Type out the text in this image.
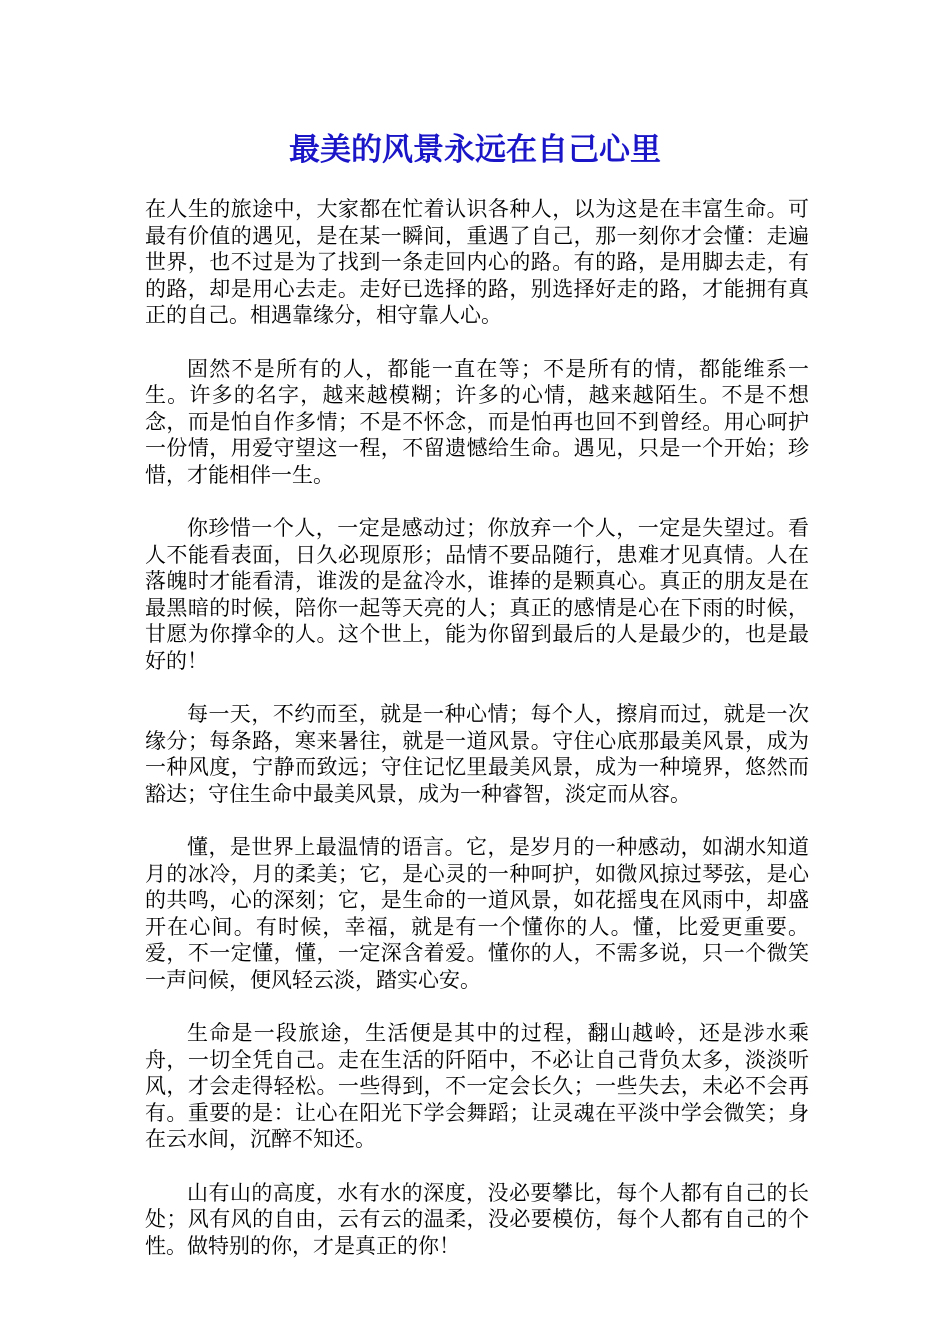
最美的风景永远在自己心里

在人生的旅途中，大家都在忙着认识各种人，以为这是在丰富生命。可最有价值的遇见，是在某一瞬间，重遇了自己，那一刻你才会懂：走遍世界，也不过是为了找到一条走回内心的路。有的路，是用脚去走，有的路，却是用心去走。走好已选择的路，别选择好走的路，才能拥有真正的自己。相遇靠缘分，相守靠人心。

固然不是所有的人，都能一直在等；不是所有的情，都能维系一生。许多的名字，越来越模糊；许多的心情，越来越陌生。不是不想念，而是怕自作多情；不是不怀念，而是怕再也回不到曾经。用心呵护一份情，用爱守望这一程，不留遗憾给生命。遇见，只是一个开始；珍惜，才能相伴一生。

你珍惜一个人，一定是感动过；你放弃一个人，一定是失望过。看人不能看表面，日久必现原形；品情不要品随行，患难才见真情。人在落魄时才能看清，谁泼的是盆冷水，谁捧的是颗真心。真正的朋友是在最黑暗的时候，陪你一起等天亮的人；真正的感情是心在下雨的时候，甘愿为你撑伞的人。这个世上，能为你留到最后的人是最少的，也是最好的！

每一天，不约而至，就是一种心情；每个人，擦肩而过，就是一次缘分；每条路，寒来暑往，就是一道风景。守住心底那最美风景，成为一种风度，宁静而致远；守住记忆里最美风景，成为一种境界，悠然而豁达；守住生命中最美风景，成为一种睿智，淡定而从容。

懂，是世界上最温情的语言。它，是岁月的一种感动，如湖水知道月的冰冷，月的柔美；它，是心灵的一种呵护，如微风掠过琴弦，是心的共鸣，心的深刻；它，是生命的一道风景，如花摇曳在风雨中，却盛开在心间。有时候，幸福，就是有一个懂你的人。懂，比爱更重要。爱，不一定懂，懂，一定深含着爱。懂你的人，不需多说，只一个微笑一声问候，便风轻云淡，踏实心安。

生命是一段旅途，生活便是其中的过程，翻山越岭，还是涉水乘舟，一切全凭自己。走在生活的阡陌中，不必让自己背负太多，淡淡听风，才会走得轻松。一些得到，不一定会长久；一些失去，未必不会再有。重要的是：让心在阳光下学会舞蹈；让灵魂在平淡中学会微笑；身在云水间，沉醉不知还。

山有山的高度，水有水的深度，没必要攀比，每个人都有自己的长处；风有风的自由，云有云的温柔，没必要模仿，每个人都有自己的个性。做特别的你，才是真正的你！
